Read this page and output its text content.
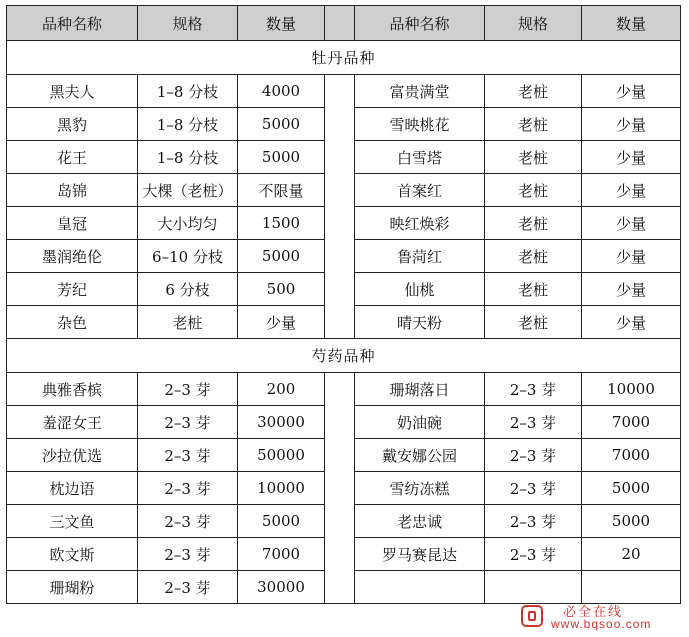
品种名称	规格	数量		品种名称	规格	数量
牡丹品种						
黑夫人	1–8 分枝	4000		富贵满堂	老桩	少量
黑豹	1–8 分枝	5000		雪映桃花	老桩	少量
花王	1–8 分枝	5000		白雪塔	老桩	少量
岛锦	大棵（老桩）	不限量		首案红	老桩	少量
皇冠	大小均匀	1500		映红焕彩	老桩	少量
墨润绝伦	6–10 分枝	5000		鲁菏红	老桩	少量
芳纪	6 分枝	500		仙桃	老桩	少量
杂色	老桩	少量		晴天粉	老桩	少量
芍药品种						
典雅香槟	2–3 芽	200		珊瑚落日	2–3 芽	10000
羞涩女王	2–3 芽	30000		奶油碗	2–3 芽	7000
沙拉优选	2–3 芽	50000		戴安娜公园	2–3 芽	7000
枕边语	2–3 芽	10000		雪纺冻糕	2–3 芽	5000
三文鱼	2–3 芽	5000		老忠诚	2–3 芽	5000
欧文斯	2–3 芽	7000		罗马赛昆达	2–3 芽	20
珊瑚粉	2–3 芽	30000				
必全在线
www.bqsoo.com
